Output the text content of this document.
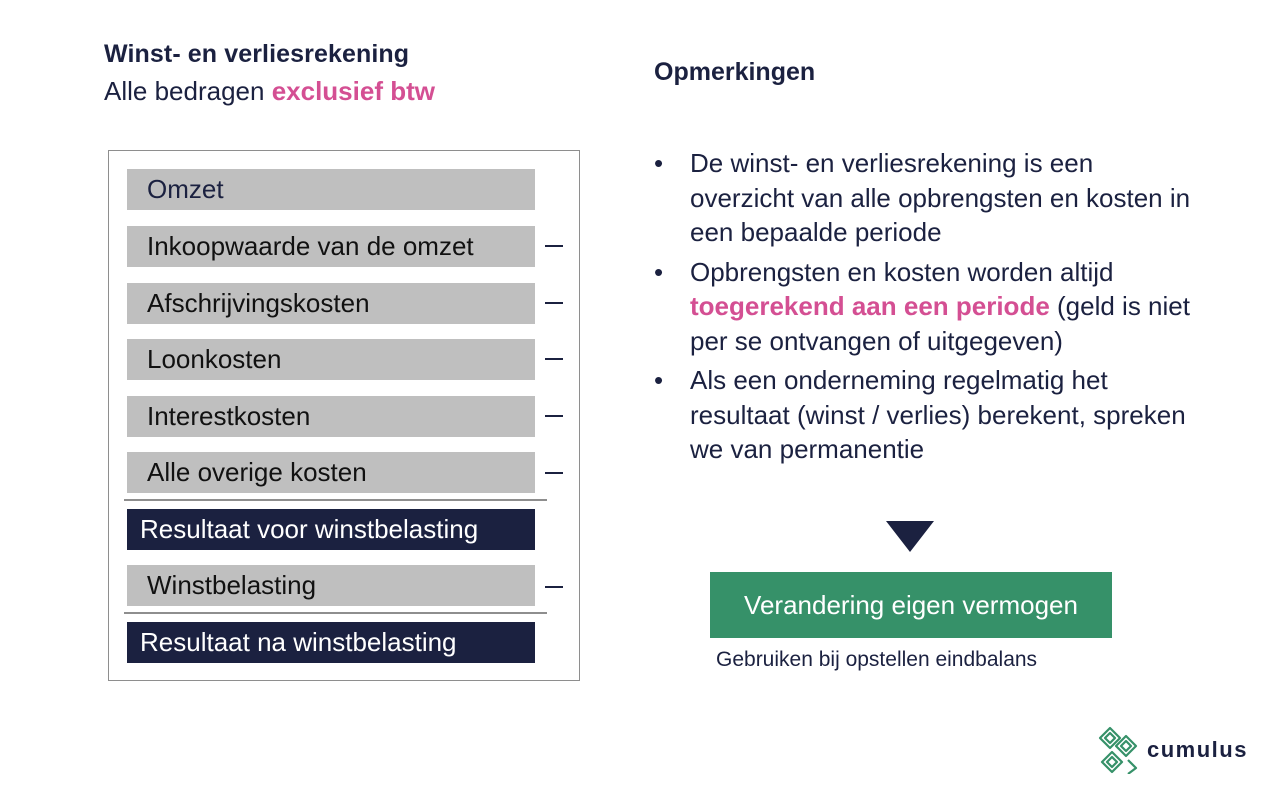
Winst- en verliesrekening
Alle bedragen exclusief btw
Omzet
Inkoopwaarde van de omzet
Afschrijvingskosten
Loonkosten
Interestkosten
Alle overige kosten
Resultaat voor winstbelasting
Winstbelasting
Resultaat na winstbelasting
Opmerkingen
• De winst- en verliesrekening is een overzicht van alle opbrengsten en kosten in een bepaalde periode
• Opbrengsten en kosten worden altijd toegerekend aan een periode (geld is niet per se ontvangen of uitgegeven)
• Als een onderneming regelmatig het resultaat (winst / verlies) berekent, spreken we van permanentie
Verandering eigen vermogen
Gebruiken bij opstellen eindbalans
cumulus
